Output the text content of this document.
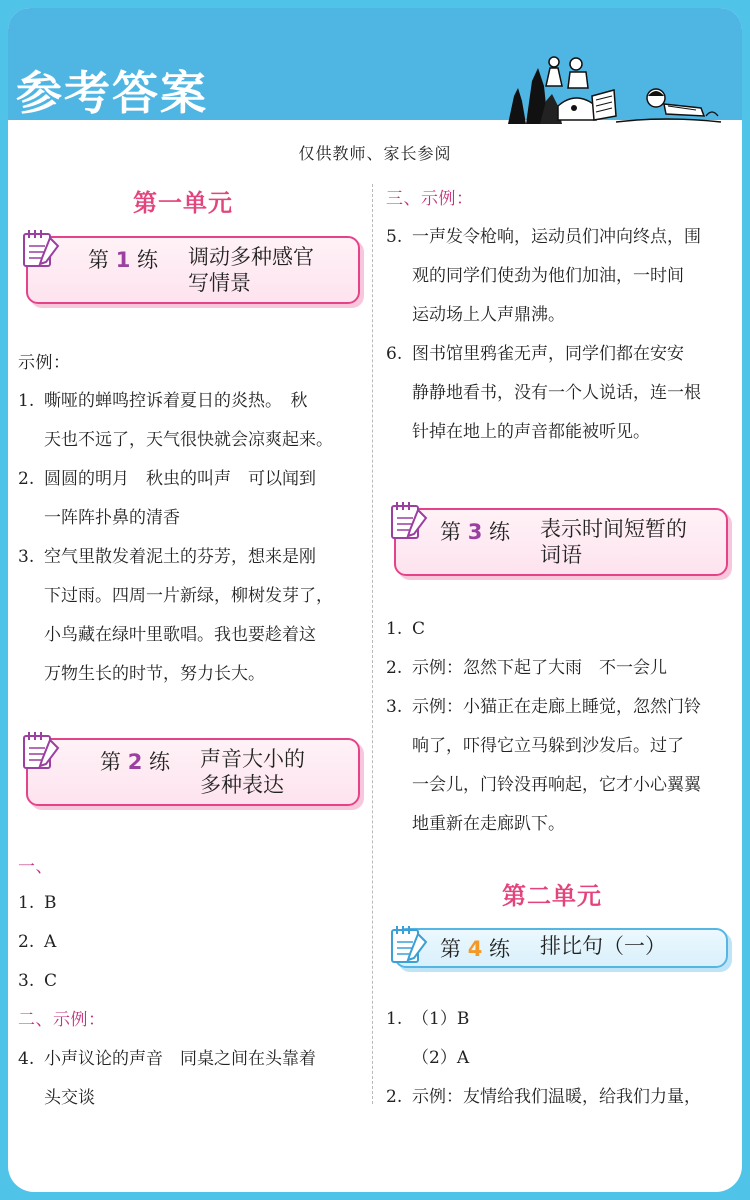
参考答案
仅供教师、家长参阅
第一单元
第 1 练 调动多种感官
写情景
示例：
1. 嘶哑的蝉鸣控诉着夏日的炎热。　秋
天也不远了，天气很快就会凉爽起来。
2. 圆圆的明月　秋虫的叫声　可以闻到
一阵阵扑鼻的清香
3. 空气里散发着泥土的芬芳，想来是刚
下过雨。四周一片新绿，柳树发芽了，
小鸟藏在绿叶里歌唱。我也要趁着这
万物生长的时节，努力长大。
第 2 练 声音大小的
多种表达
一、
1. B
2. A
3. C
二、示例：
4. 小声议论的声音　同桌之间在头靠着
头交谈
三、示例：
5. 一声发令枪响，运动员们冲向终点，围
观的同学们使劲为他们加油，一时间
运动场上人声鼎沸。
6. 图书馆里鸦雀无声，同学们都在安安
静静地看书，没有一个人说话，连一根
针掉在地上的声音都能被听见。
第 3 练 表示时间短暂的
词语
1. C
2. 示例：忽然下起了大雨　不一会儿
3. 示例：小猫正在走廊上睡觉，忽然门铃
响了，吓得它立马躲到沙发后。过了
一会儿，门铃没再响起，它才小心翼翼
地重新在走廊趴下。
第二单元
第 4 练 排比句（一）
1. （1）B
（2）A
2. 示例：友情给我们温暖，给我们力量，
